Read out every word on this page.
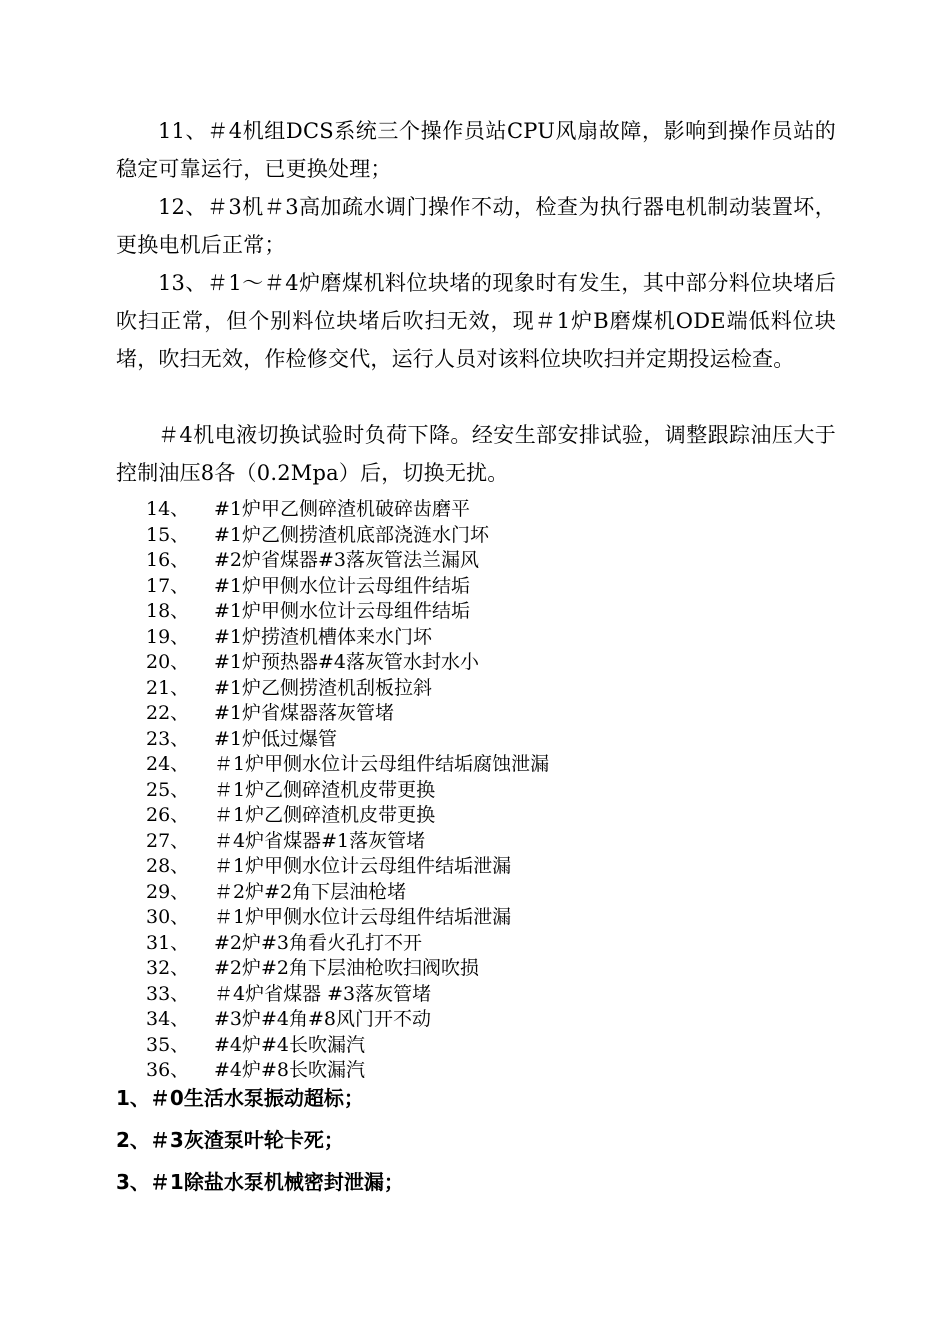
11、＃4机组DCS系统三个操作员站CPU风扇故障，影响到操作员站的稳定可靠运行，已更换处理；

12、＃3机＃3高加疏水调门操作不动，检查为执行器电机制动装置坏，更换电机后正常；

13、＃1～＃4炉磨煤机料位块堵的现象时有发生，其中部分料位块堵后吹扫正常，但个别料位块堵后吹扫无效，现＃1炉B磨煤机ODE端低料位块堵，吹扫无效，作检修交代，运行人员对该料位块吹扫并定期投运检查。

＃4机电液切换试验时负荷下降。经安生部安排试验，调整跟踪油压大于控制油压8各（0.2Mpa）后，切换无扰。

14、	#1炉甲乙侧碎渣机破碎齿磨平
15、	#1炉乙侧捞渣机底部浇涟水门坏
16、	#2炉省煤器#3落灰管法兰漏风
17、	#1炉甲侧水位计云母组件结垢
18、	#1炉甲侧水位计云母组件结垢
19、	#1炉捞渣机槽体来水门坏
20、	#1炉预热器#4落灰管水封水小
21、	#1炉乙侧捞渣机刮板拉斜
22、	#1炉省煤器落灰管堵
23、	#1炉低过爆管
24、	＃1炉甲侧水位计云母组件结垢腐蚀泄漏
25、	＃1炉乙侧碎渣机皮带更换
26、	＃1炉乙侧碎渣机皮带更换
27、	＃4炉省煤器#1落灰管堵
28、	＃1炉甲侧水位计云母组件结垢泄漏
29、	＃2炉#2角下层油枪堵
30、	＃1炉甲侧水位计云母组件结垢泄漏
31、	#2炉#3角看火孔打不开
32、	#2炉#2角下层油枪吹扫阀吹损
33、	＃4炉省煤器 #3落灰管堵
34、	#3炉#4角#8风门开不动
35、	#4炉#4长吹漏汽
36、	#4炉#8长吹漏汽
1、＃0生活水泵振动超标；
2、＃3灰渣泵叶轮卡死；
3、＃1除盐水泵机械密封泄漏；
